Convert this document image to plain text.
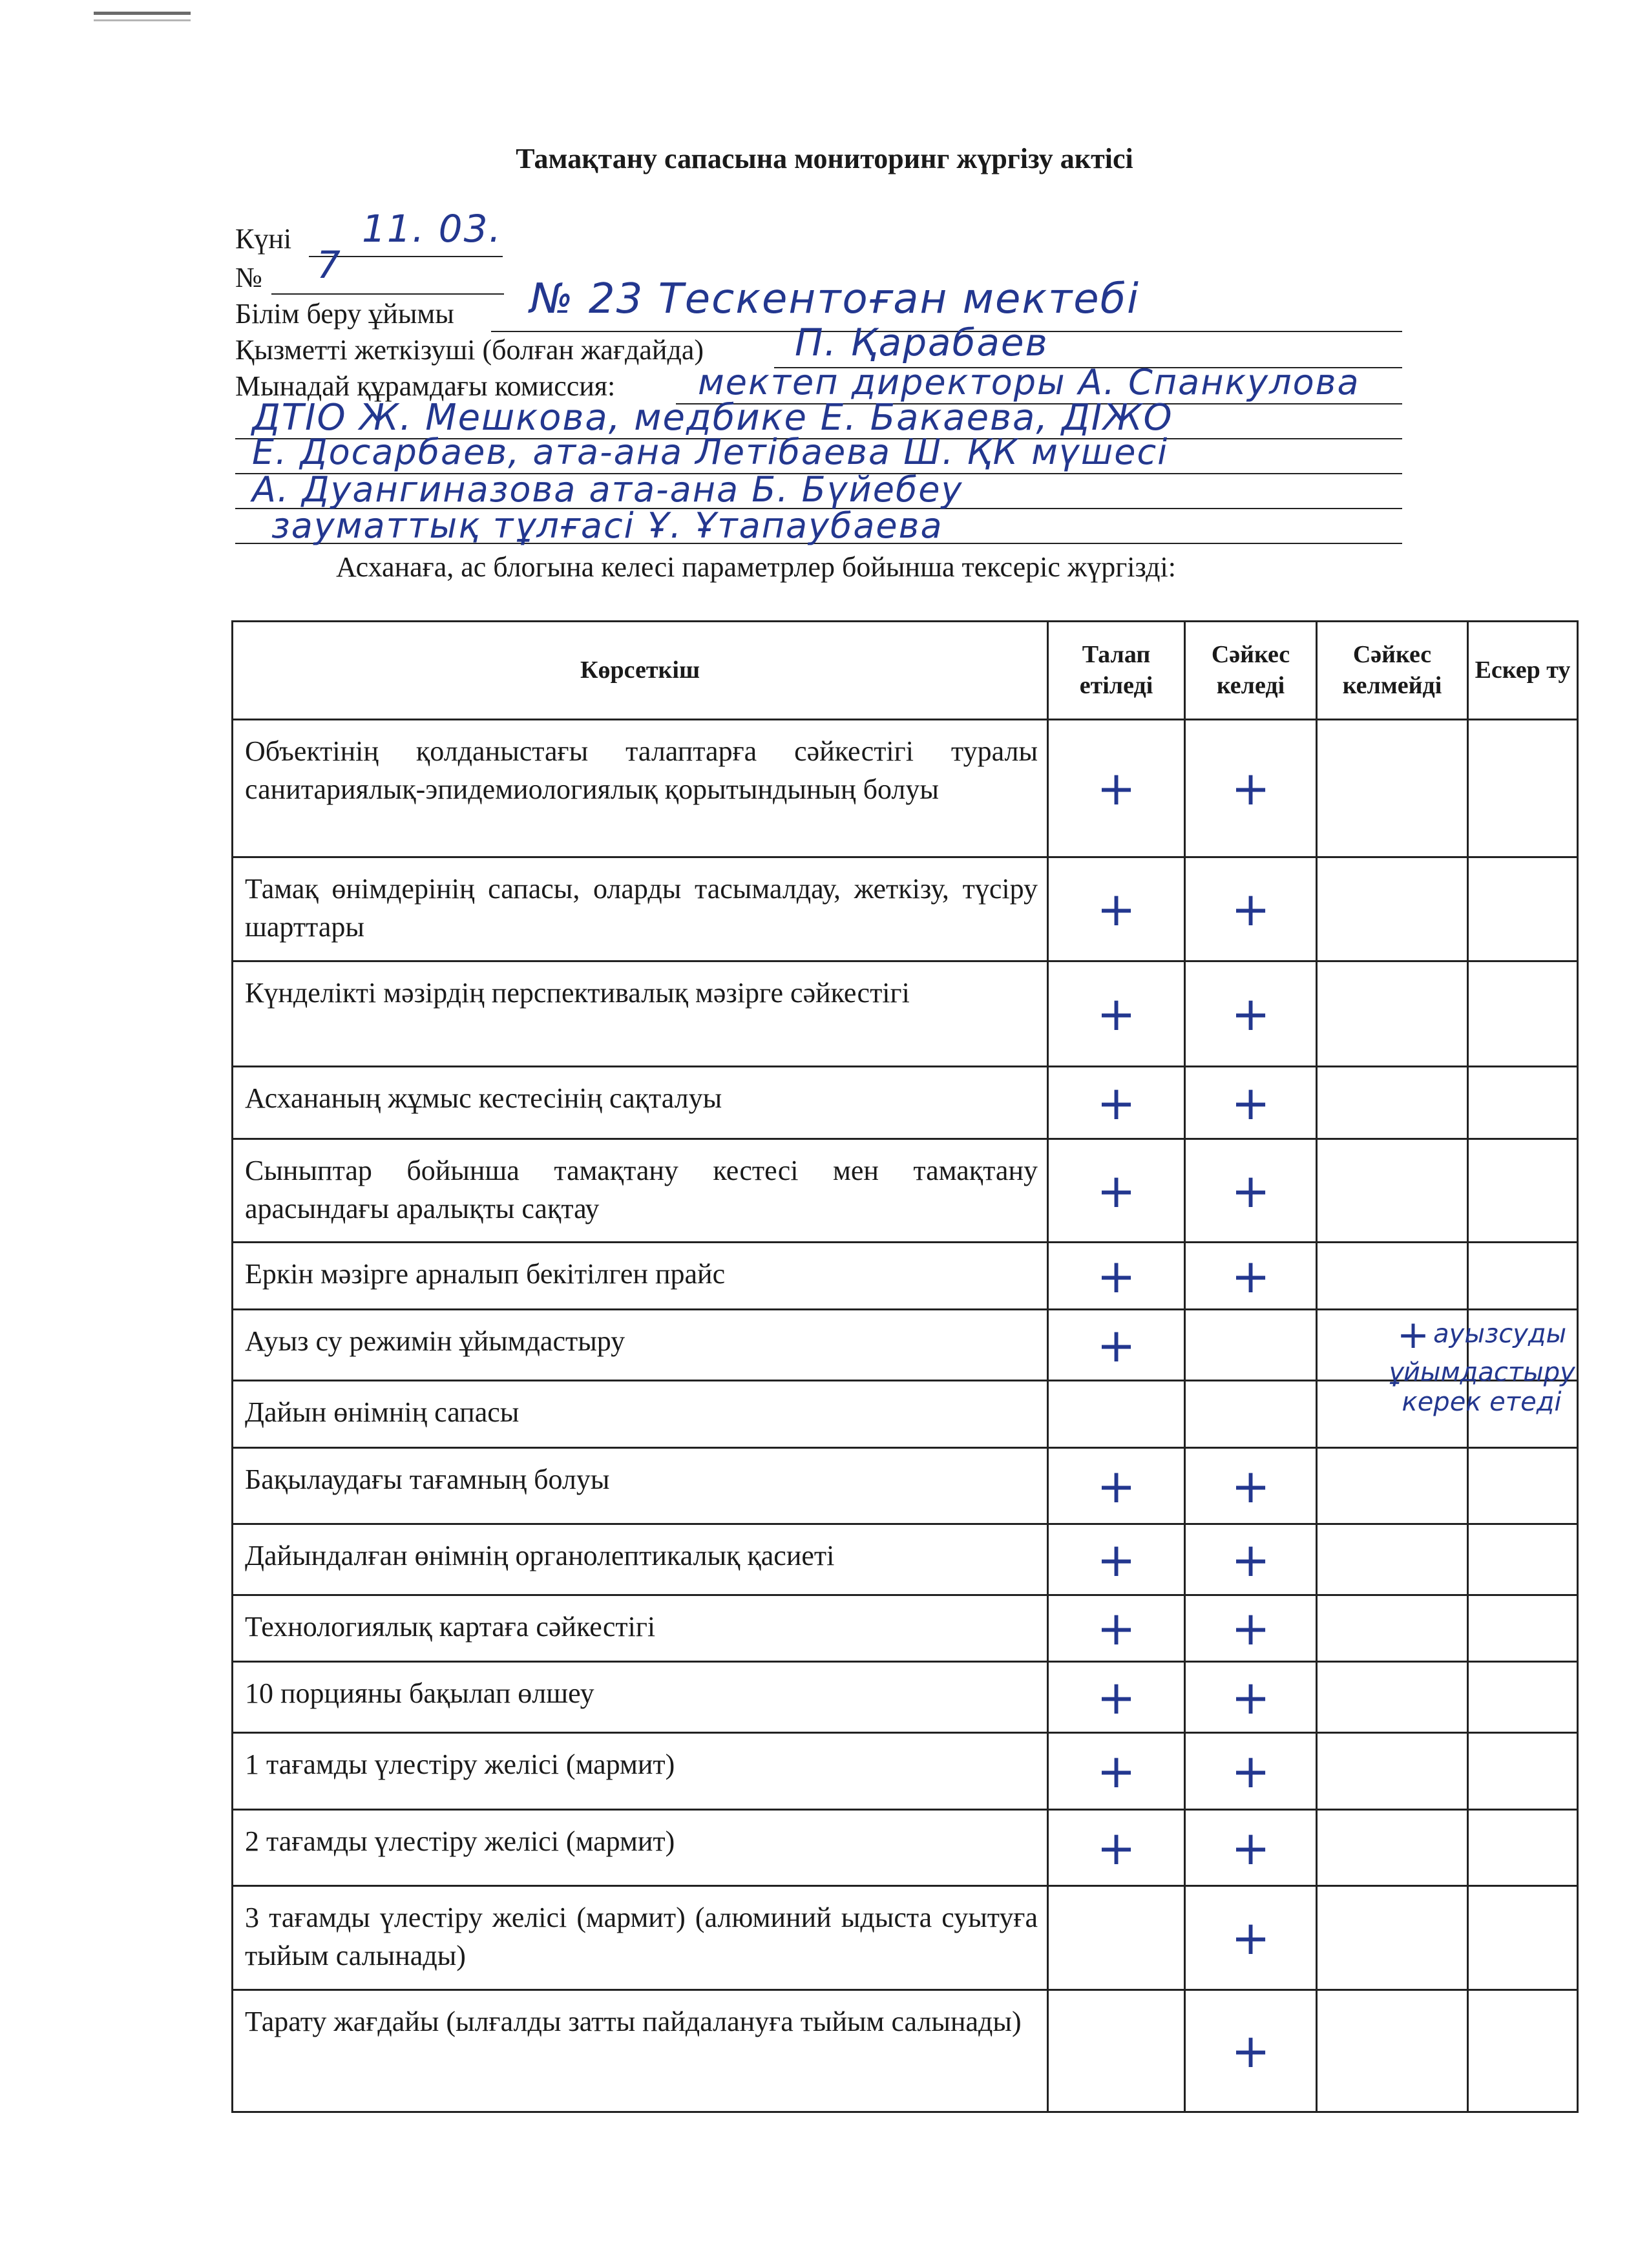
Тамақтану сапасына мониторинг жүргізу актісі
Күні 11. 03.
№ 7
Білім беру ұйымы № 23 Тескентоған мектебі
Қызметті жеткізуші (болған жағдайда) П. Қарабаев
Мынадай құрамдағы комиссия: мектеп директоры А. Спанкулова
ДТІО Ж. Мешкова, медбике Е. Бакаева, ДІЖО
Е. Досарбаев, ата-ана Летібаева Ш. ҚК мүшесі
А. Дуангиназова ата-ана Б. Бүйебеу
зауматтық тұлғасі Ұ. Ұтапаубаева
Асханаға, ас блогына келесі параметрлер бойынша тексеріс жүргізді:
Көрсеткіш	Талап етіледі	Сәйкес келеді	Сәйкес келмейді	Ескер ту
Объектінің қолданыстағы талаптарға сәйкестігі туралы санитариялық-эпидемиологиялық қорытындының болуы	+	+		
Тамақ өнімдерінің сапасы, оларды тасымалдау, жеткізу, түсіру шарттары	+	+		
Күнделікті мәзірдің перспективалық мәзірге сәйкестігі	+	+		
Асхананың жұмыс кестесінің сақталуы	+	+		
Сыныптар бойынша тамақтану кестесі мен тамақтану арасындағы аралықты сақтау	+	+		
Еркін мәзірге арналып бекітілген прайс	+	+		
Ауыз су режимін ұйымдастыру	+		+ ауызсуды ұйымдастыру керек етеді	

Дайын өнімнің сапасы				
Бақылаудағы тағамның болуы	+	+		
Дайындалған өнімнің органолептикалық қасиеті	+	+		
Технологиялық картаға сәйкестігі	+	+		
10 порцияны бақылап өлшеу	+	+		
1 тағамды үлестіру желісі (мармит)	+	+		
2 тағамды үлестіру желісі (мармит)	+	+		
3 тағамды үлестіру желісі (мармит) (алюминий ыдыста суытуға тыйым салынады)		+		
Тарату жағдайы (ылғалды затты пайдалануға тыйым салынады)		+		
